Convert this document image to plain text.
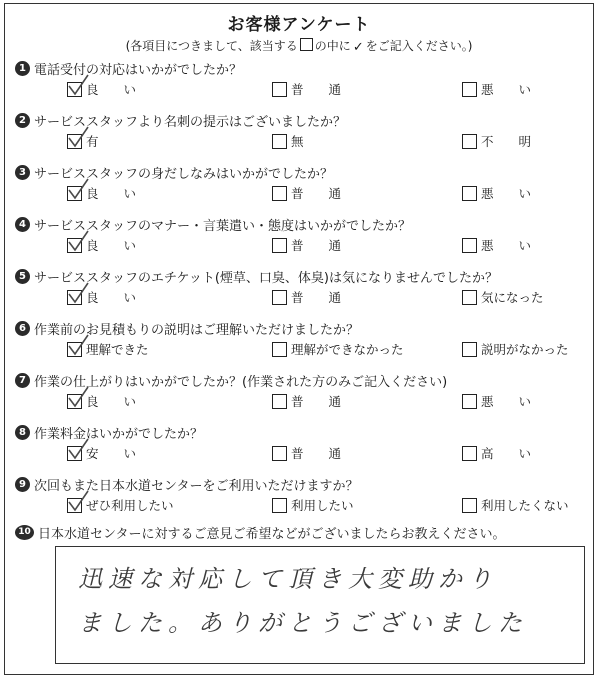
お客様アンケート
(各項目につきまして、該当する の中に ✓ をご記入ください。)
1 電話受付の対応はいかがでしたか？
良　　い	普　　通	悪　　い
2 サービススタッフより名刺の提示はございましたか？
有	無	不　　明
3 サービススタッフの身だしなみはいかがでしたか？
良　　い	普　　通	悪　　い
4 サービススタッフのマナー・言葉遣い・態度はいかがでしたか？
良　　い	普　　通	悪　　い
5 サービススタッフのエチケット(煙草、口臭、体臭)は気になりませんでしたか？
良　　い	普　　通	気になった
6 作業前のお見積もりの説明はご理解いただけましたか？
理解できた	理解ができなかった	説明がなかった
7 作業の仕上がりはいかがでしたか？(作業された方のみご記入ください)
良　　い	普　　通	悪　　い
8 作業料金はいかがでしたか？
安　　い	普　　通	高　　い
9 次回もまた日本水道センターをご利用いただけますか？
ぜひ利用したい	利用したい	利用したくない
10 日本水道センターに対するご意見ご希望などがございましたらお教えください。
迅速な対応して頂き大変助かり
ました。ありがとうございました
